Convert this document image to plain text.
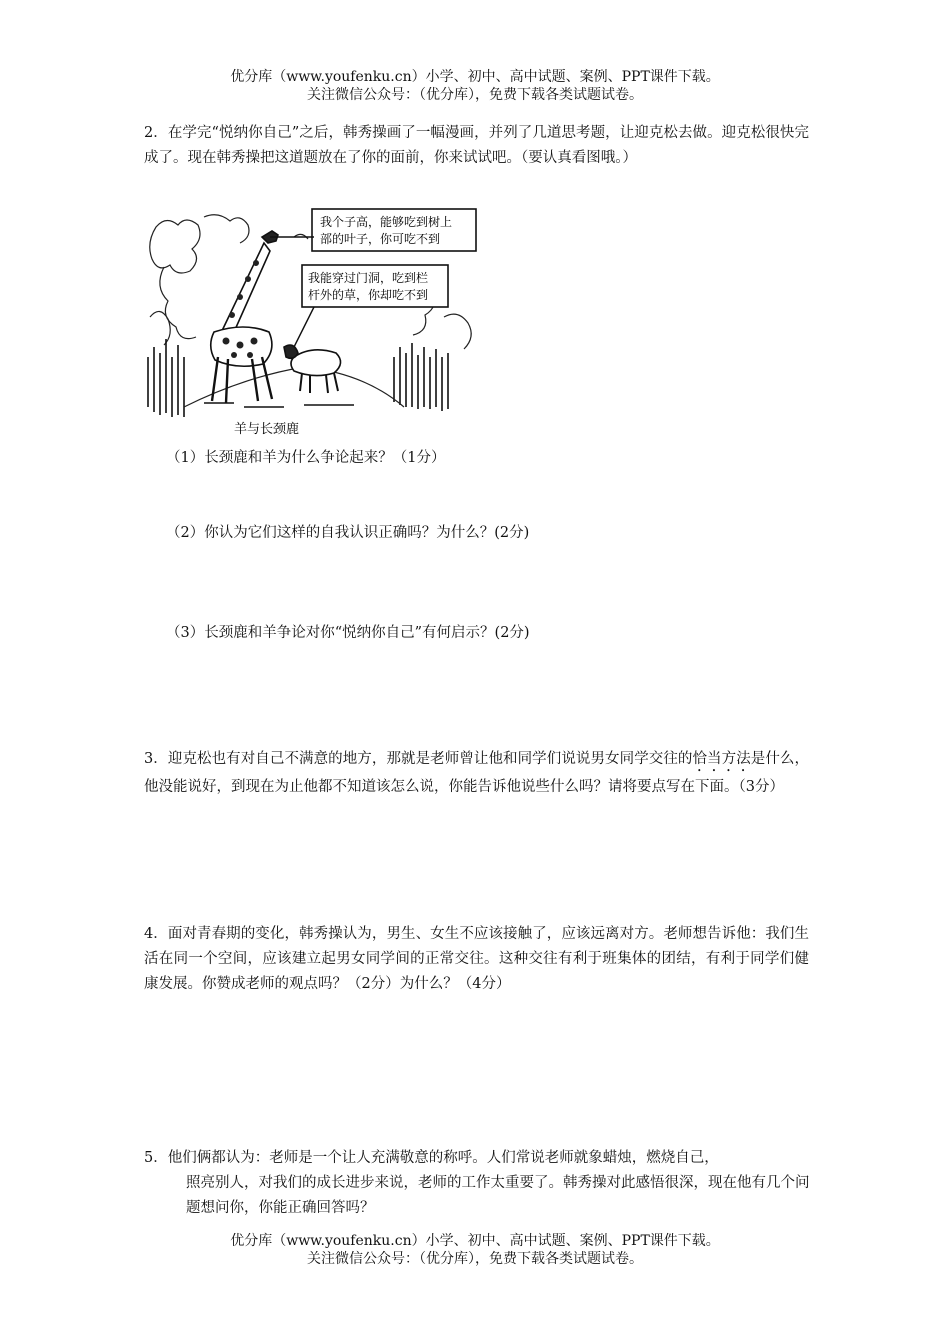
优分库（www.youfenku.cn）小学、初中、高中试题、案例、PPT课件下载。
关注微信公众号：（优分库），免费下载各类试题试卷。
2．在学完“悦纳你自己”之后，韩秀操画了一幅漫画，并列了几道思考题，让迎克松去做。迎克松很快完成了。现在韩秀操把这道题放在了你的面前，你来试试吧。（要认真看图哦。）
我个子高，能够吃到树上
部的叶子，你可吃不到
我能穿过门洞，吃到栏
杆外的草，你却吃不到
羊与长颈鹿
（1）长颈鹿和羊为什么争论起来？（1分）
（2）你认为它们这样的自我认识正确吗？为什么？(2分)
（3）长颈鹿和羊争论对你“悦纳你自己”有何启示？(2分)
3．迎克松也有对自己不满意的地方，那就是老师曾让他和同学们说说男女同学交往的恰当方法是什么，他没能说好，到现在为止他都不知道该怎么说，你能告诉他说些什么吗？请将要点写在下面。（3分）
4．面对青春期的变化，韩秀操认为，男生、女生不应该接触了，应该远离对方。老师想告诉他：我们生活在同一个空间，应该建立起男女同学间的正常交往。这种交往有利于班集体的团结，有利于同学们健康发展。你赞成老师的观点吗？（2分）为什么？（4分）
5．他们俩都认为：老师是一个让人充满敬意的称呼。人们常说老师就象蜡烛，燃烧自己，
照亮别人，对我们的成长进步来说，老师的工作太重要了。韩秀操对此感悟很深，现在他有几个问题想问你，你能正确回答吗？
优分库（www.youfenku.cn）小学、初中、高中试题、案例、PPT课件下载。
关注微信公众号：（优分库），免费下载各类试题试卷。
